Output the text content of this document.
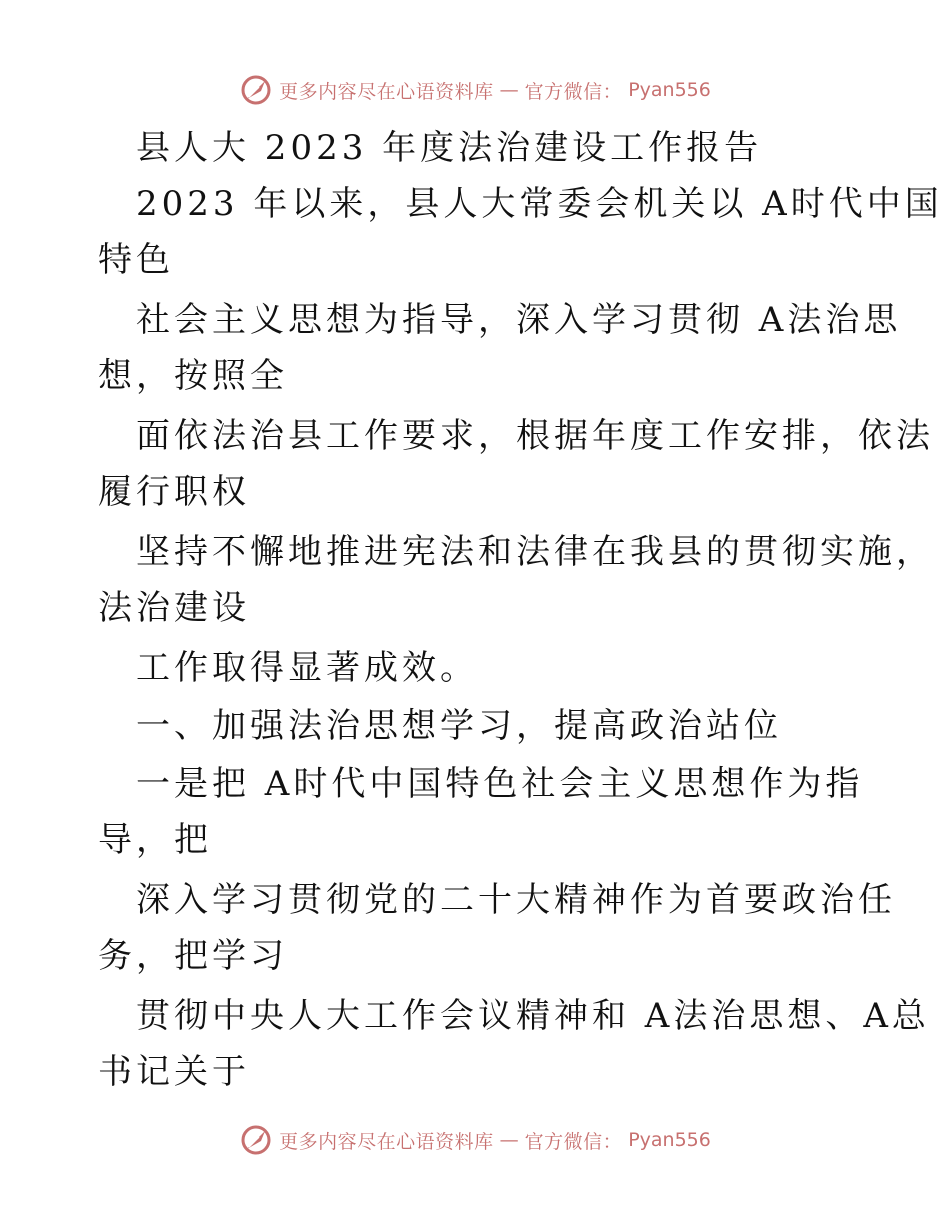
更多内容尽在心语资料库 — 官方微信： Pyan556
县人大 2023 年度法治建设工作报告
2023 年以来，县人大常委会机关以 A时代中国
特色
社会主义思想为指导，深入学习贯彻 A法治思
想，按照全
面依法治县工作要求，根据年度工作安排，依法
履行职权
坚持不懈地推进宪法和法律在我县的贯彻实施，
法治建设
工作取得显著成效。
一、加强法治思想学习，提高政治站位
一是把 A时代中国特色社会主义思想作为指
导，把
深入学习贯彻党的二十大精神作为首要政治任
务，把学习
贯彻中央人大工作会议精神和 A法治思想、A总
书记关于
更多内容尽在心语资料库 — 官方微信： Pyan556
